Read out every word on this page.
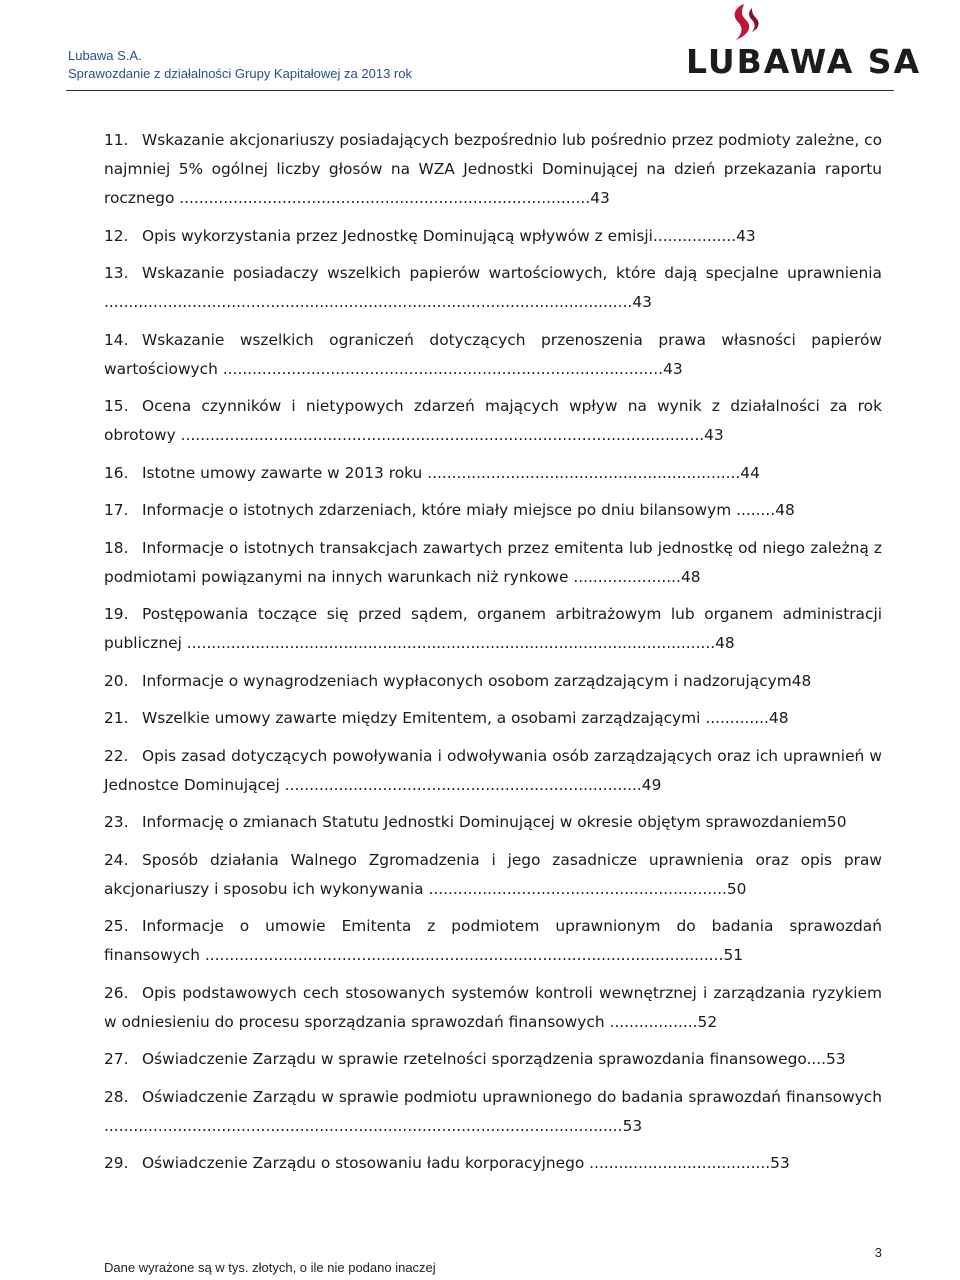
Lubawa S.A.
Sprawozdanie z działalności Grupy Kapitałowej za 2013 rok	LUBAWA SA
11. Wskazanie akcjonariuszy posiadających bezpośrednio lub pośrednio przez podmioty zależne, co najmniej 5% ogólnej liczby głosów na WZA Jednostki Dominującej na dzień przekazania raportu rocznego ....................................................................................43
12. Opis wykorzystania przez Jednostkę Dominującą wpływów z emisji.................43
13. Wskazanie posiadaczy wszelkich papierów wartościowych, które dają specjalne uprawnienia ............................................................................................................43
14. Wskazanie wszelkich ograniczeń dotyczących przenoszenia prawa własności papierów wartościowych ..........................................................................................43
15. Ocena czynników i nietypowych zdarzeń mających wpływ na wynik z działalności za rok obrotowy ...........................................................................................................43
16. Istotne umowy zawarte w 2013 roku ................................................................44
17. Informacje o istotnych zdarzeniach, które miały miejsce po dniu bilansowym ........48
18. Informacje o istotnych transakcjach zawartych przez emitenta lub jednostkę od niego zależną z podmiotami powiązanymi na innych warunkach niż rynkowe ......................48
19. Postępowania toczące się przed sądem, organem arbitrażowym lub organem administracji publicznej ............................................................................................................48
20. Informacje o wynagrodzeniach wypłaconych osobom zarządzającym i nadzorującym48
21. Wszelkie umowy zawarte między Emitentem, a osobami zarządzającymi .............48
22. Opis zasad dotyczących powoływania i odwoływania osób zarządzających oraz ich uprawnień w Jednostce Dominującej .........................................................................49
23. Informację o zmianach Statutu Jednostki Dominującej w okresie objętym sprawozdaniem50
24. Sposób działania Walnego Zgromadzenia i jego zasadnicze uprawnienia oraz opis praw akcjonariuszy i sposobu ich wykonywania .............................................................50
25. Informacje o umowie Emitenta z podmiotem uprawnionym do badania sprawozdań finansowych ..........................................................................................................51
26. Opis podstawowych cech stosowanych systemów kontroli wewnętrznej i zarządzania ryzykiem w odniesieniu do procesu sporządzania sprawozdań finansowych ..................52
27. Oświadczenie Zarządu w sprawie rzetelności sporządzenia sprawozdania finansowego....53
28. Oświadczenie Zarządu w sprawie podmiotu uprawnionego do badania sprawozdań finansowych ..........................................................................................................53
29. Oświadczenie Zarządu o stosowaniu ładu korporacyjnego .....................................53
3
Dane wyrażone są w tys. złotych, o ile nie podano inaczej
